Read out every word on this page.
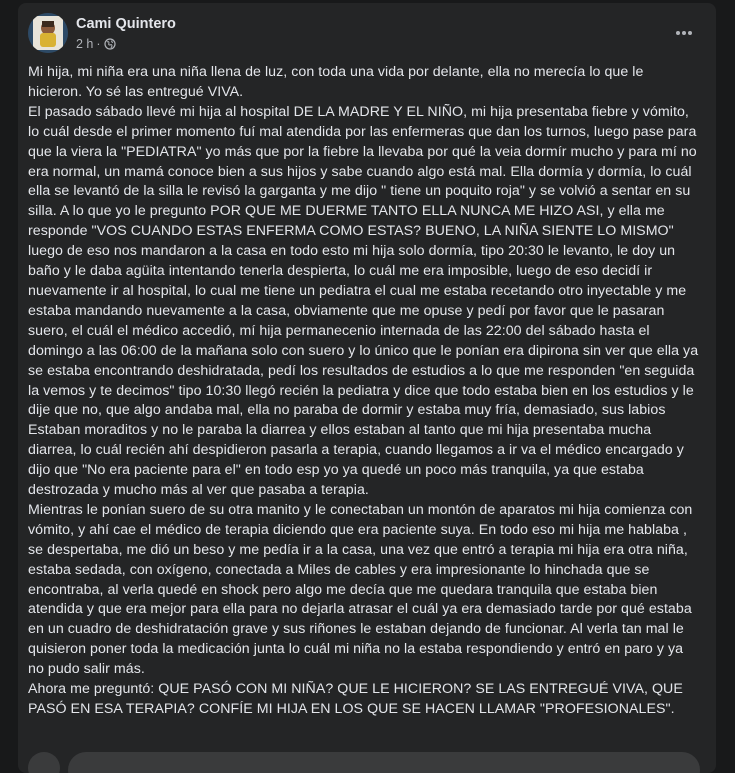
Cami Quintero
2 h ·

Mi hija, mi niña era una niña llena de luz, con toda una vida por delante, ella no merecía lo que le hicieron. Yo sé las entregué VIVA.

El pasado sábado llevé mi hija al hospital DE LA MADRE Y EL NIÑO, mi hija presentaba fiebre y vómito, lo cuál desde el primer momento fuí mal atendida por las enfermeras que dan los turnos, luego pase para que la viera la "PEDIATRA" yo más que por la fiebre la llevaba por qué la veia dormír mucho y para mí no era normal, un mamá conoce bien a sus hijos y sabe cuando algo está mal. Ella dormía y dormía, lo cuál ella se levantó de la silla le revisó la garganta y me dijo " tiene un poquito roja" y se volvió a sentar en su silla. A lo que yo le pregunto POR QUE ME DUERME TANTO ELLA NUNCA ME HIZO ASI, y ella me responde "VOS CUANDO ESTAS ENFERMA COMO ESTAS? BUENO, LA NIÑA SIENTE LO MISMO" luego de eso nos mandaron a la casa en todo esto mi hija solo dormía, tipo 20:30 le levanto, le doy un baño y le daba agüita intentando tenerla despierta, lo cuál me era imposible, luego de eso decidí ir nuevamente ir al hospital, lo cual me tiene un pediatra el cual me estaba recetando otro inyectable y me estaba mandando nuevamente a la casa, obviamente que me opuse y pedí por favor que le pasaran suero, el cuál el médico accedió, mí hija permanecenio internada de las 22:00 del sábado hasta el domingo a las 06:00 de la mañana solo con suero y lo único que le ponían era dipirona sin ver que ella ya se estaba encontrando deshidratada, pedí los resultados de estudios a lo que me responden "en seguida la vemos y te decimos" tipo 10:30 llegó recién la pediatra y dice que todo estaba bien en los estudios y le dije que no, que algo andaba mal, ella no paraba de dormir y estaba muy fría, demasiado, sus labios

Estaban moraditos y no le paraba la diarrea y ellos estaban al tanto que mi hija presentaba mucha diarrea, lo cuál recién ahí despidieron pasarla a terapia, cuando llegamos a ir va el médico encargado y dijo que "No era paciente para el" en todo esp yo ya quedé un poco más tranquila, ya que estaba destrozada y mucho más al ver que pasaba a terapia.

Mientras le ponían suero de su otra manito y le conectaban un montón de aparatos mi hija comienza con vómito, y ahí cae el médico de terapia diciendo que era paciente suya. En todo eso mi hija me hablaba , se despertaba, me dió un beso y me pedía ir a la casa, una vez que entró a terapia mi hija era otra niña, estaba sedada, con oxígeno, conectada a Miles de cables y era impresionante lo hinchada que se encontraba, al verla quedé en shock pero algo me decía que me quedara tranquila que estaba bien atendida y que era mejor para ella para no dejarla atrasar el cuál ya era demasiado tarde por qué estaba en un cuadro de deshidratación grave y sus riñones le estaban dejando de funcionar. Al verla tan mal le quisieron poner toda la medicación junta lo cuál mi niña no la estaba respondiendo y entró en paro y ya no pudo salir más.

Ahora me preguntó: QUE PASÓ CON MI NIÑA? QUE LE HICIERON? SE LAS ENTREGUÉ VIVA, QUE PASÓ EN ESA TERAPIA? CONFÍE MI HIJA EN LOS QUE SE HACEN LLAMAR "PROFESIONALES".
